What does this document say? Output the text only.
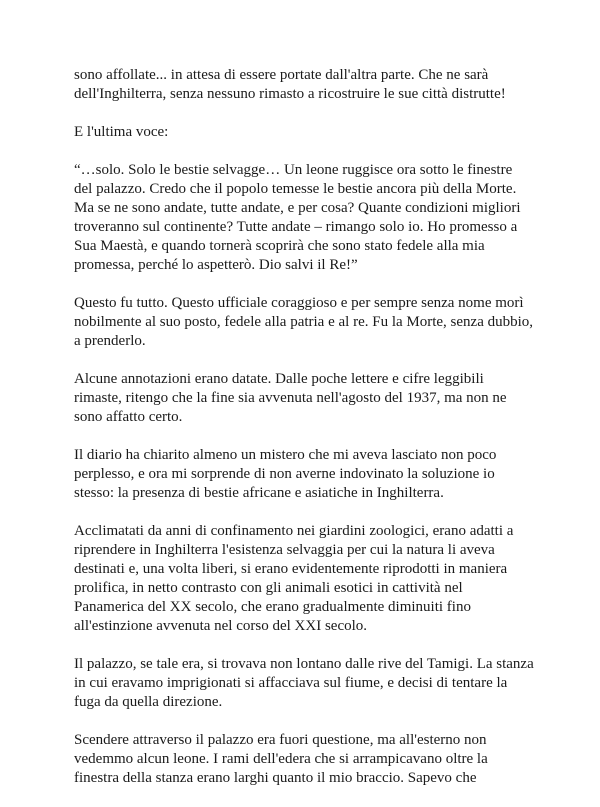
sono affollate... in attesa di essere portate dall'altra parte. Che ne sarà dell'Inghilterra, senza nessuno rimasto a ricostruire le sue città distrutte!

E l'ultima voce:

“…solo. Solo le bestie selvagge… Un leone ruggisce ora sotto le finestre del palazzo. Credo che il popolo temesse le bestie ancora più della Morte. Ma se ne sono andate, tutte andate, e per cosa? Quante condizioni migliori troveranno sul continente? Tutte andate – rimango solo io. Ho promesso a Sua Maestà, e quando tornerà scoprirà che sono stato fedele alla mia promessa, perché lo aspetterò. Dio salvi il Re!”

Questo fu tutto. Questo ufficiale coraggioso e per sempre senza nome morì nobilmente al suo posto, fedele alla patria e al re. Fu la Morte, senza dubbio, a prenderlo.

Alcune annotazioni erano datate. Dalle poche lettere e cifre leggibili rimaste, ritengo che la fine sia avvenuta nell'agosto del 1937, ma non ne sono affatto certo.

Il diario ha chiarito almeno un mistero che mi aveva lasciato non poco perplesso, e ora mi sorprende di non averne indovinato la soluzione io stesso: la presenza di bestie africane e asiatiche in Inghilterra.

Acclimatati da anni di confinamento nei giardini zoologici, erano adatti a riprendere in Inghilterra l'esistenza selvaggia per cui la natura li aveva destinati e, una volta liberi, si erano evidentemente riprodotti in maniera prolifica, in netto contrasto con gli animali esotici in cattività nel Panamerica del XX secolo, che erano gradualmente diminuiti fino all'estinzione avvenuta nel corso del XXI secolo.

Il palazzo, se tale era, si trovava non lontano dalle rive del Tamigi. La stanza in cui eravamo imprigionati si affacciava sul fiume, e decisi di tentare la fuga da quella direzione.

Scendere attraverso il palazzo era fuori questione, ma all'esterno non vedemmo alcun leone. I rami dell'edera che si arrampicavano oltre la finestra della stanza erano larghi quanto il mio braccio. Sapevo che
